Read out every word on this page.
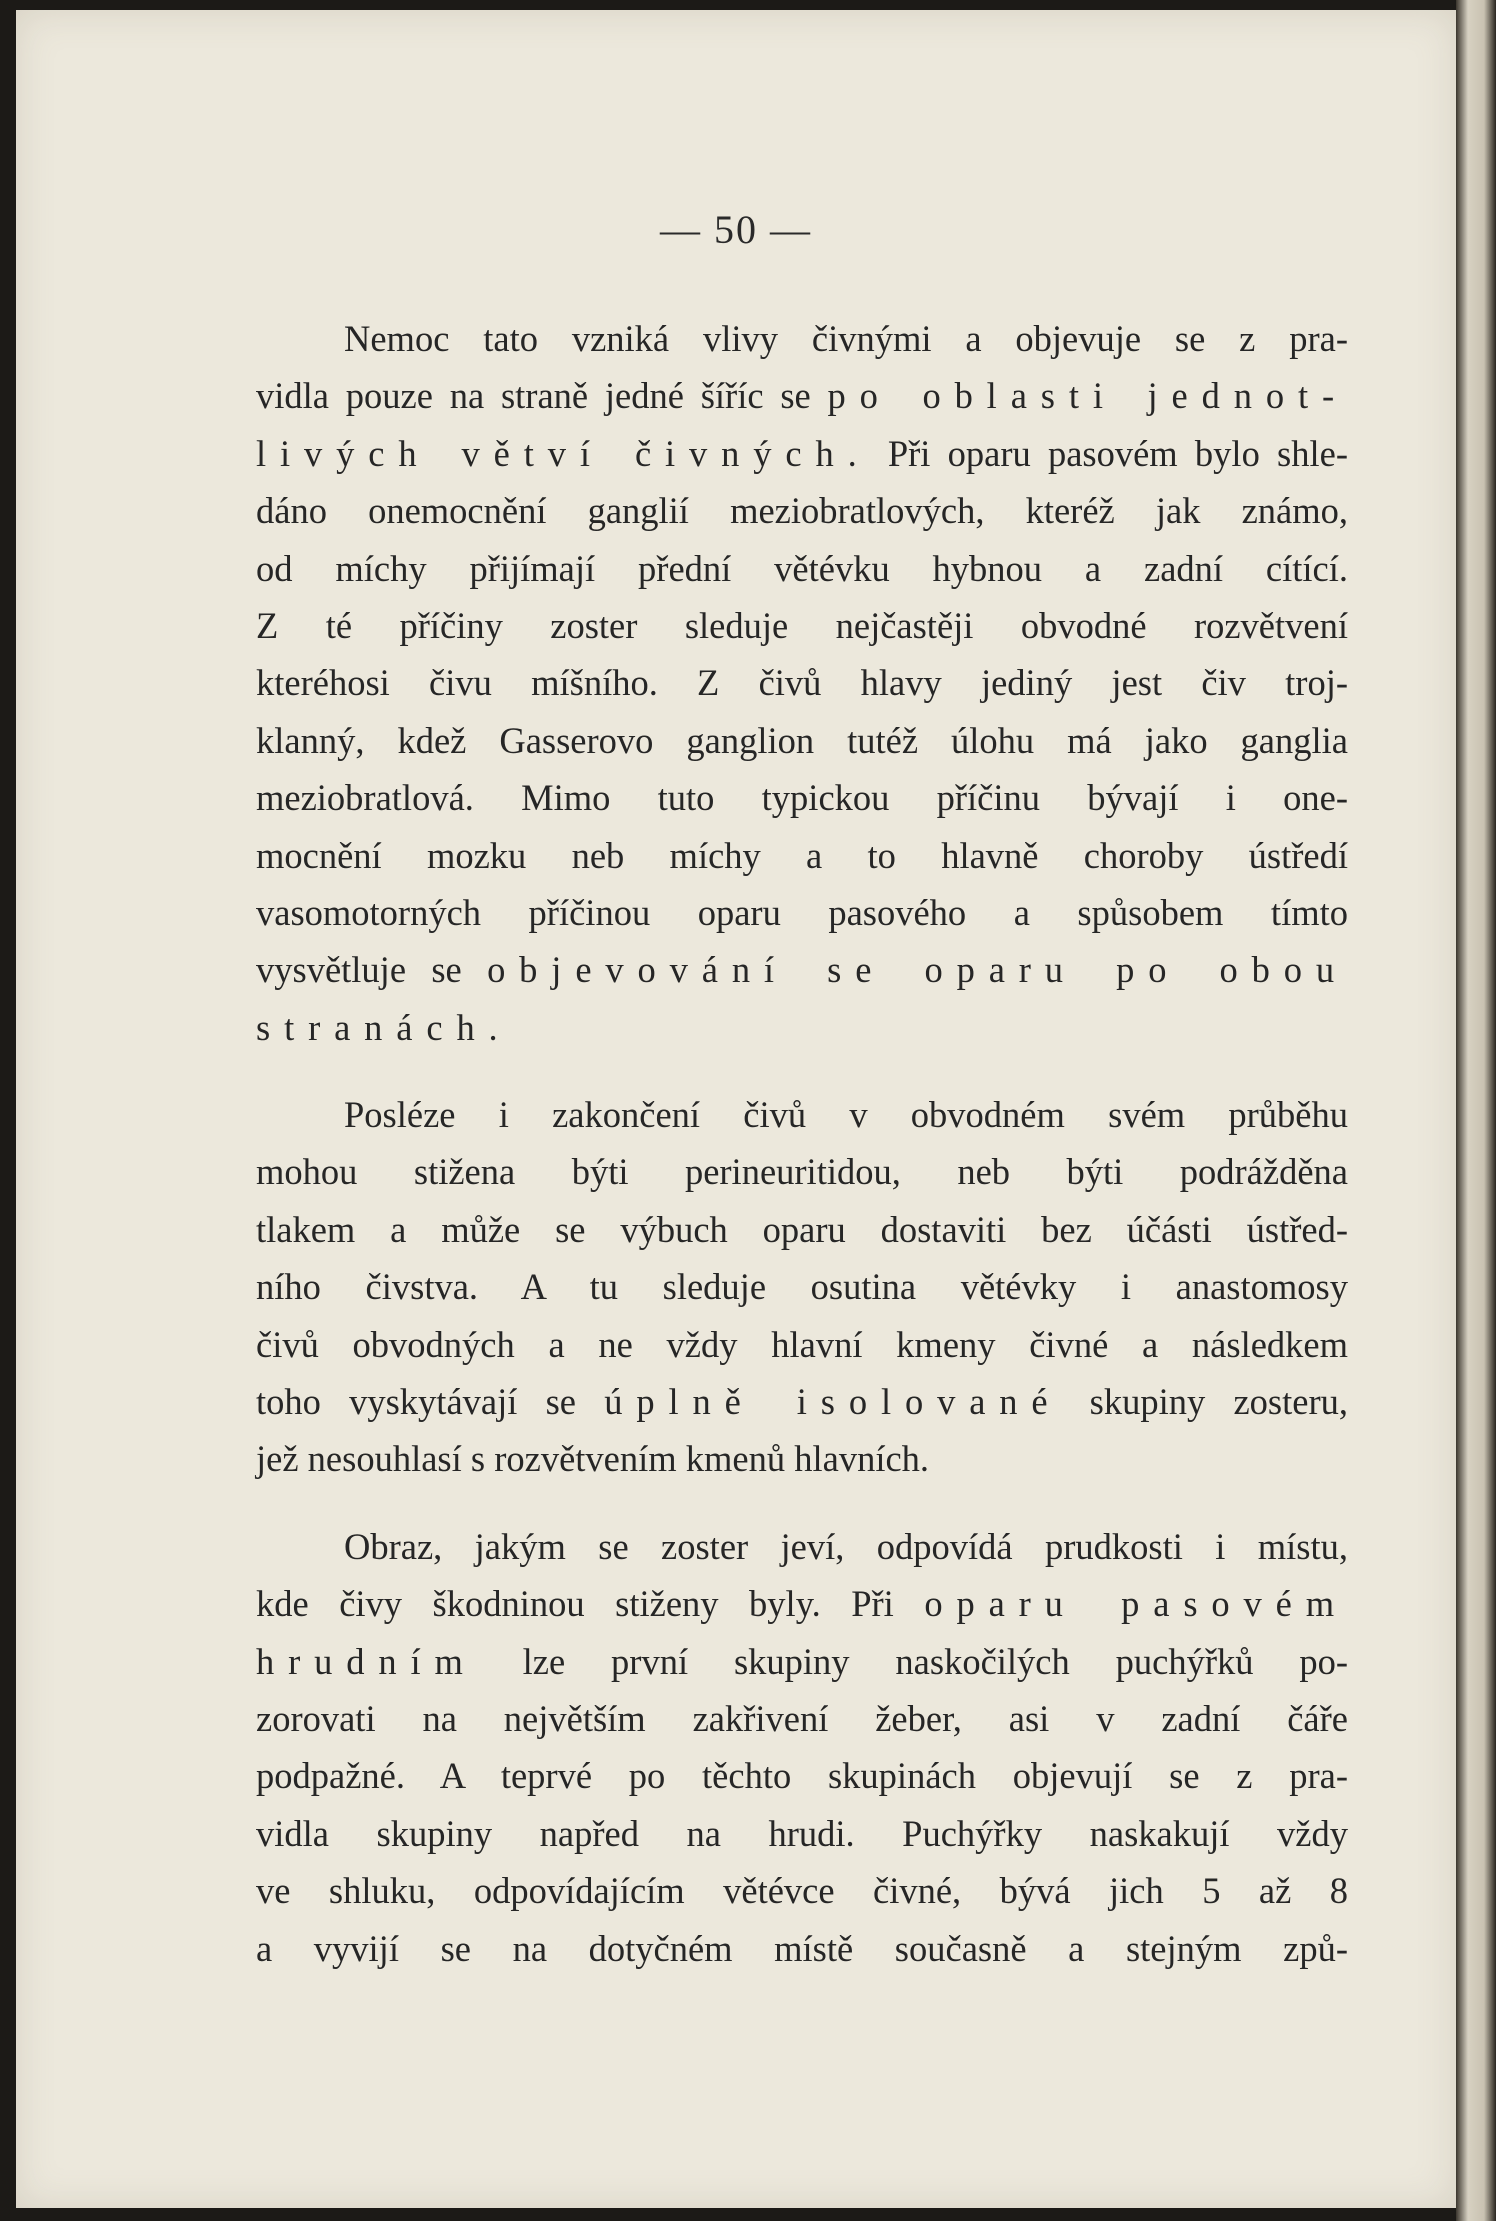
— 50 —
Nemoc tato vzniká vlivy čivnými a objevuje se z pra-
vidla pouze na straně jedné šíříc se po oblasti jednot-
livých větví čivných. Při oparu pasovém bylo shle-
dáno onemocnění ganglií meziobratlových, kteréž jak známo,
od míchy přijímají přední větévku hybnou a zadní cítící.
Z té příčiny zoster sleduje nejčastěji obvodné rozvětvení
kteréhosi čivu míšního. Z čivů hlavy jediný jest čiv troj-
klanný, kdež Gasserovo ganglion tutéž úlohu má jako ganglia
meziobratlová. Mimo tuto typickou příčinu bývají i one-
mocnění mozku neb míchy a to hlavně choroby ústředí
vasomotorných příčinou oparu pasového a spůsobem tímto
vysvětluje se objevování se oparu po obou
stranách.
Posléze i zakončení čivů v obvodném svém průběhu
mohou stižena býti perineuritidou, neb býti podrážděna
tlakem a může se výbuch oparu dostaviti bez účásti ústřed-
ního čivstva. A tu sleduje osutina větévky i anastomosy
čivů obvodných a ne vždy hlavní kmeny čivné a následkem
toho vyskytávají se úplně isolované skupiny zosteru,
jež nesouhlasí s rozvětvením kmenů hlavních.
Obraz, jakým se zoster jeví, odpovídá prudkosti i místu,
kde čivy škodninou stiženy byly. Při oparu pasovém
hrudním lze první skupiny naskočilých puchýřků po-
zorovati na největším zakřivení žeber, asi v zadní čáře
podpažné. A teprvé po těchto skupinách objevují se z pra-
vidla skupiny napřed na hrudi. Puchýřky naskakují vždy
ve shluku, odpovídajícím větévce čivné, bývá jich 5 až 8
a vyvijí se na dotyčném místě současně a stejným způ-
